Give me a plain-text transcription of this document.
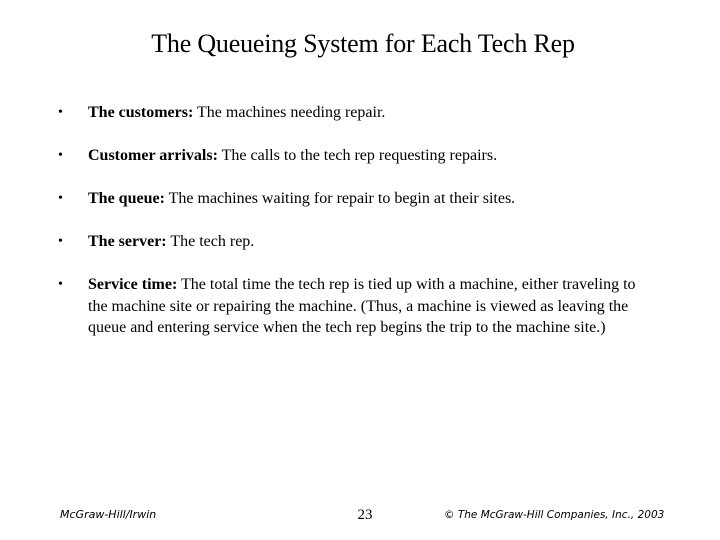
The Queueing System for Each Tech Rep
• The customers: The machines needing repair.
• Customer arrivals: The calls to the tech rep requesting repairs.
• The queue: The machines waiting for repair to begin at their sites.
• The server: The tech rep.
• Service time: The total time the tech rep is tied up with a machine, either traveling to the machine site or repairing the machine. (Thus, a machine is viewed as leaving the queue and entering service when the tech rep begins the trip to the machine site.)
McGraw-Hill/Irwin	23	© The McGraw-Hill Companies, Inc., 2003
